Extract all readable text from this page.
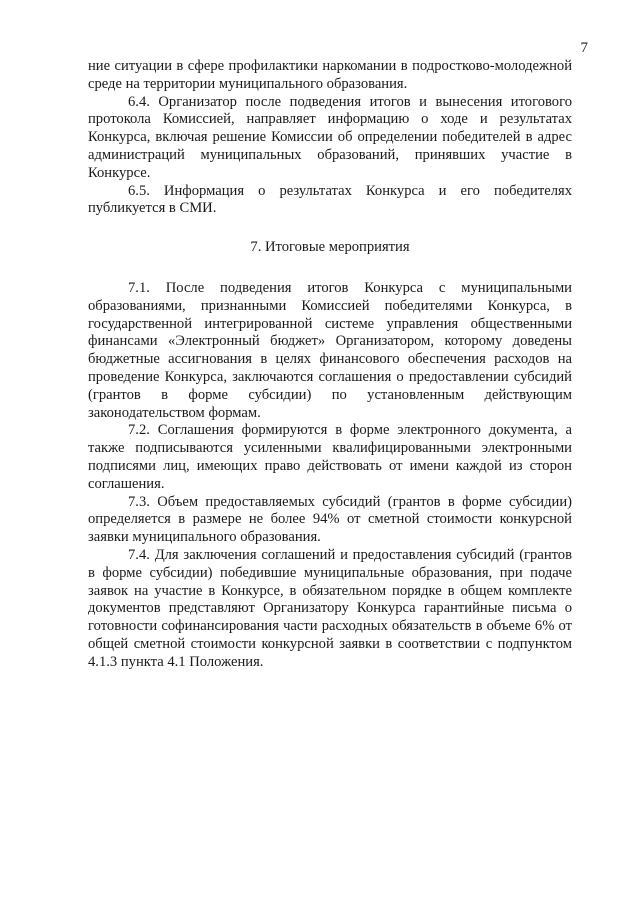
7

ние ситуации в сфере профилактики наркомании в подростково-молодежной среде на территории муниципального образования.

6.4. Организатор после подведения итогов и вынесения итогового протокола Комиссией, направляет информацию о ходе и результатах Конкурса, включая решение Комиссии об определении победителей в адрес администраций муниципальных образований, принявших участие в Конкурсе.

6.5. Информация о результатах Конкурса и его победителях публикуется в СМИ.

7. Итоговые мероприятия

7.1. После подведения итогов Конкурса с муниципальными образованиями, признанными Комиссией победителями Конкурса, в государственной интегрированной системе управления общественными финансами «Электронный бюджет» Организатором, которому доведены бюджетные ассигнования в целях финансового обеспечения расходов на проведение Конкурса, заключаются соглашения о предоставлении субсидий (грантов в форме субсидии) по установленным действующим законодательством формам.

7.2. Соглашения формируются в форме электронного документа, а также подписываются усиленными квалифицированными электронными подписями лиц, имеющих право действовать от имени каждой из сторон соглашения.

7.3. Объем предоставляемых субсидий (грантов в форме субсидии) определяется в размере не более 94% от сметной стоимости конкурсной заявки муниципального образования.

7.4. Для заключения соглашений и предоставления субсидий (грантов в форме субсидии) победившие муниципальные образования, при подаче заявок на участие в Конкурсе, в обязательном порядке в общем комплекте документов представляют Организатору Конкурса гарантийные письма о готовности софинансирования части расходных обязательств в объеме 6% от общей сметной стоимости конкурсной заявки в соответствии с подпунктом 4.1.3 пункта 4.1 Положения.
